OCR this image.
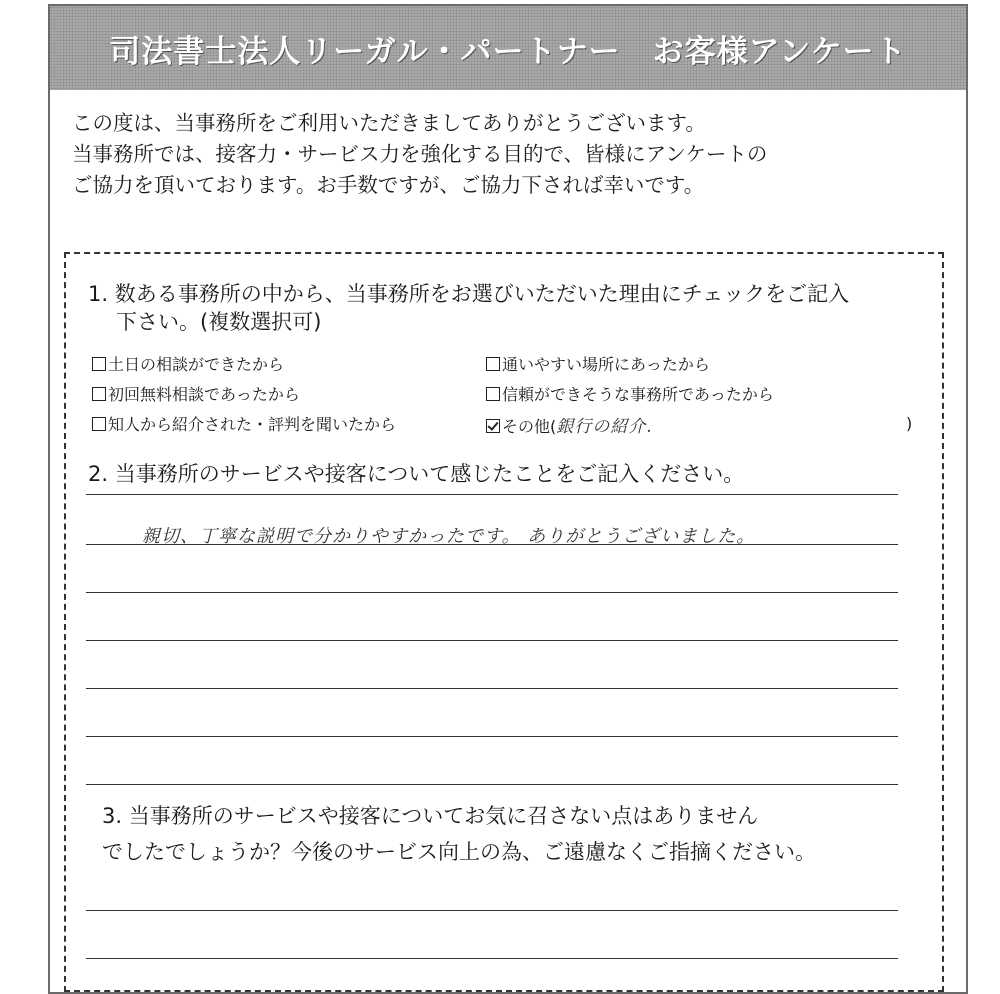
司法書士法人リーガル・パートナー　お客様アンケート
この度は、当事務所をご利用いただきましてありがとうございます。
当事務所では、接客力・サービス力を強化する目的で、皆様にアンケートの
ご協力を頂いております。お手数ですが、ご協力下されば幸いです。
1. 数ある事務所の中から、当事務所をお選びいただいた理由にチェックをご記入
下さい。(複数選択可)
土日の相談ができたから	通いやすい場所にあったから
初回無料相談であったから	信頼ができそうな事務所であったから
知人から紹介された・評判を聞いたから	その他(銀行の紹介.	)
2. 当事務所のサービスや接客について感じたことをご記入ください。
親切、丁寧な説明で分かりやすかったです。 ありがとうございました。
3. 当事務所のサービスや接客についてお気に召さない点はありません
でしたでしょうか？今後のサービス向上の為、ご遠慮なくご指摘ください。
